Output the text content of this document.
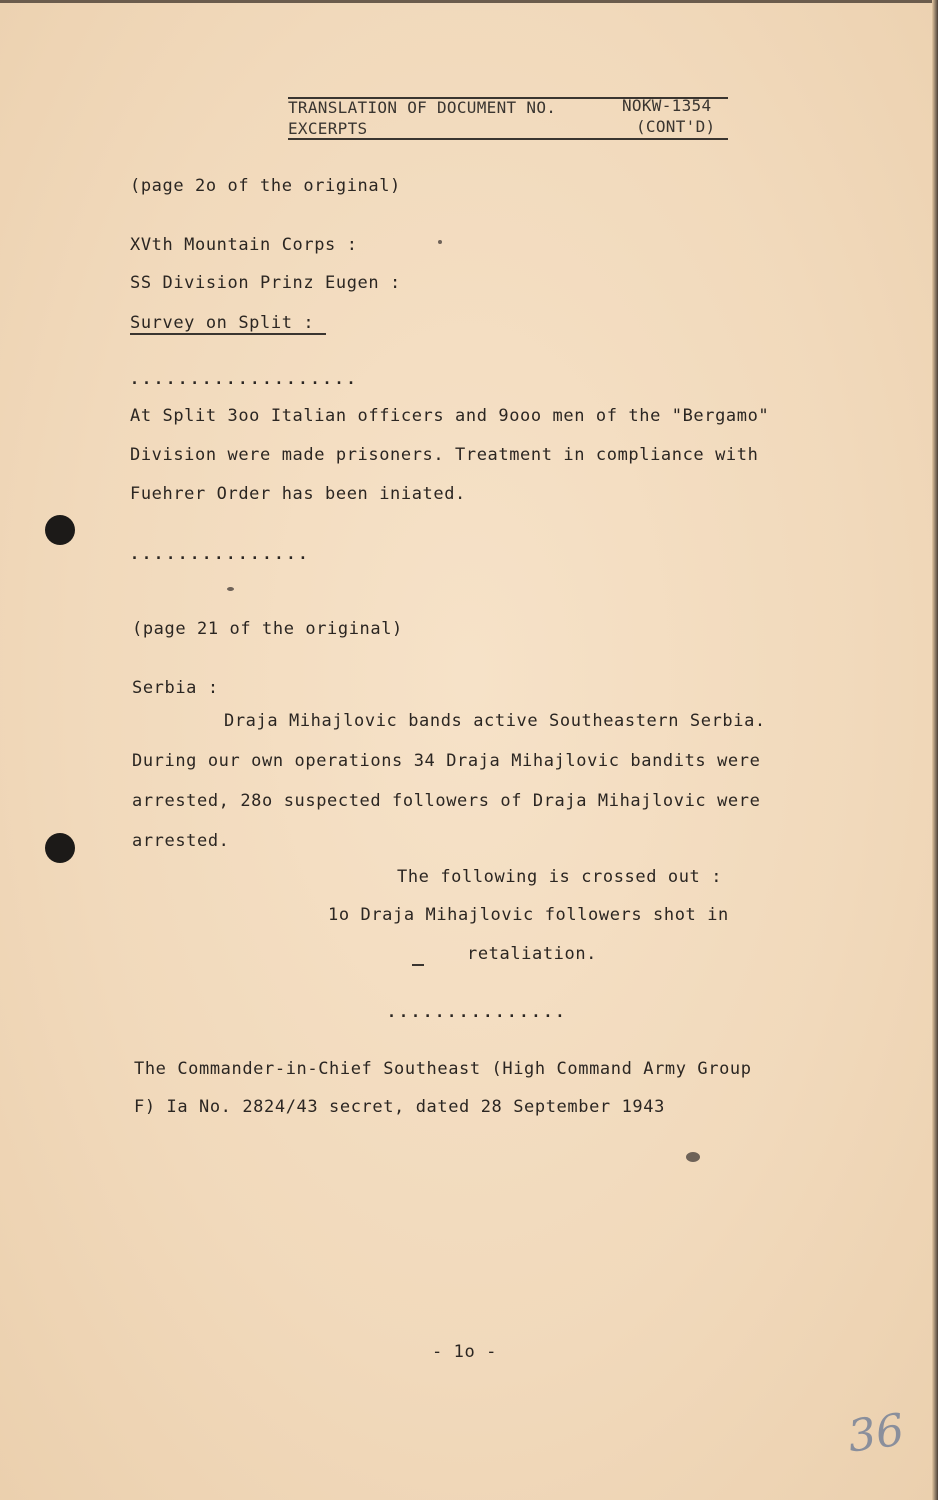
TRANSLATION OF DOCUMENT NO.	NOKW-1354
EXCERPTS	(CONT'D)
(page 2o of the original)
XVth Mountain Corps :
SS Division Prinz Eugen :
Survey on Split :
...................
At Split 3oo Italian officers and 9ooo men of the "Bergamo"
Division were made prisoners. Treatment in compliance with
Fuehrer Order has been iniated.
...............
(page 21 of the original)
Serbia :
Draja Mihajlovic bands active Southeastern Serbia.
During our own operations 34 Draja Mihajlovic bandits were
arrested, 28o suspected followers of Draja Mihajlovic were
arrested.
The following is crossed out :
1o Draja Mihajlovic followers shot in
retaliation.
...............
The Commander-in-Chief Southeast (High Command Army Group
F) Ia No. 2824/43 secret, dated 28 September 1943
- 1o -
36
